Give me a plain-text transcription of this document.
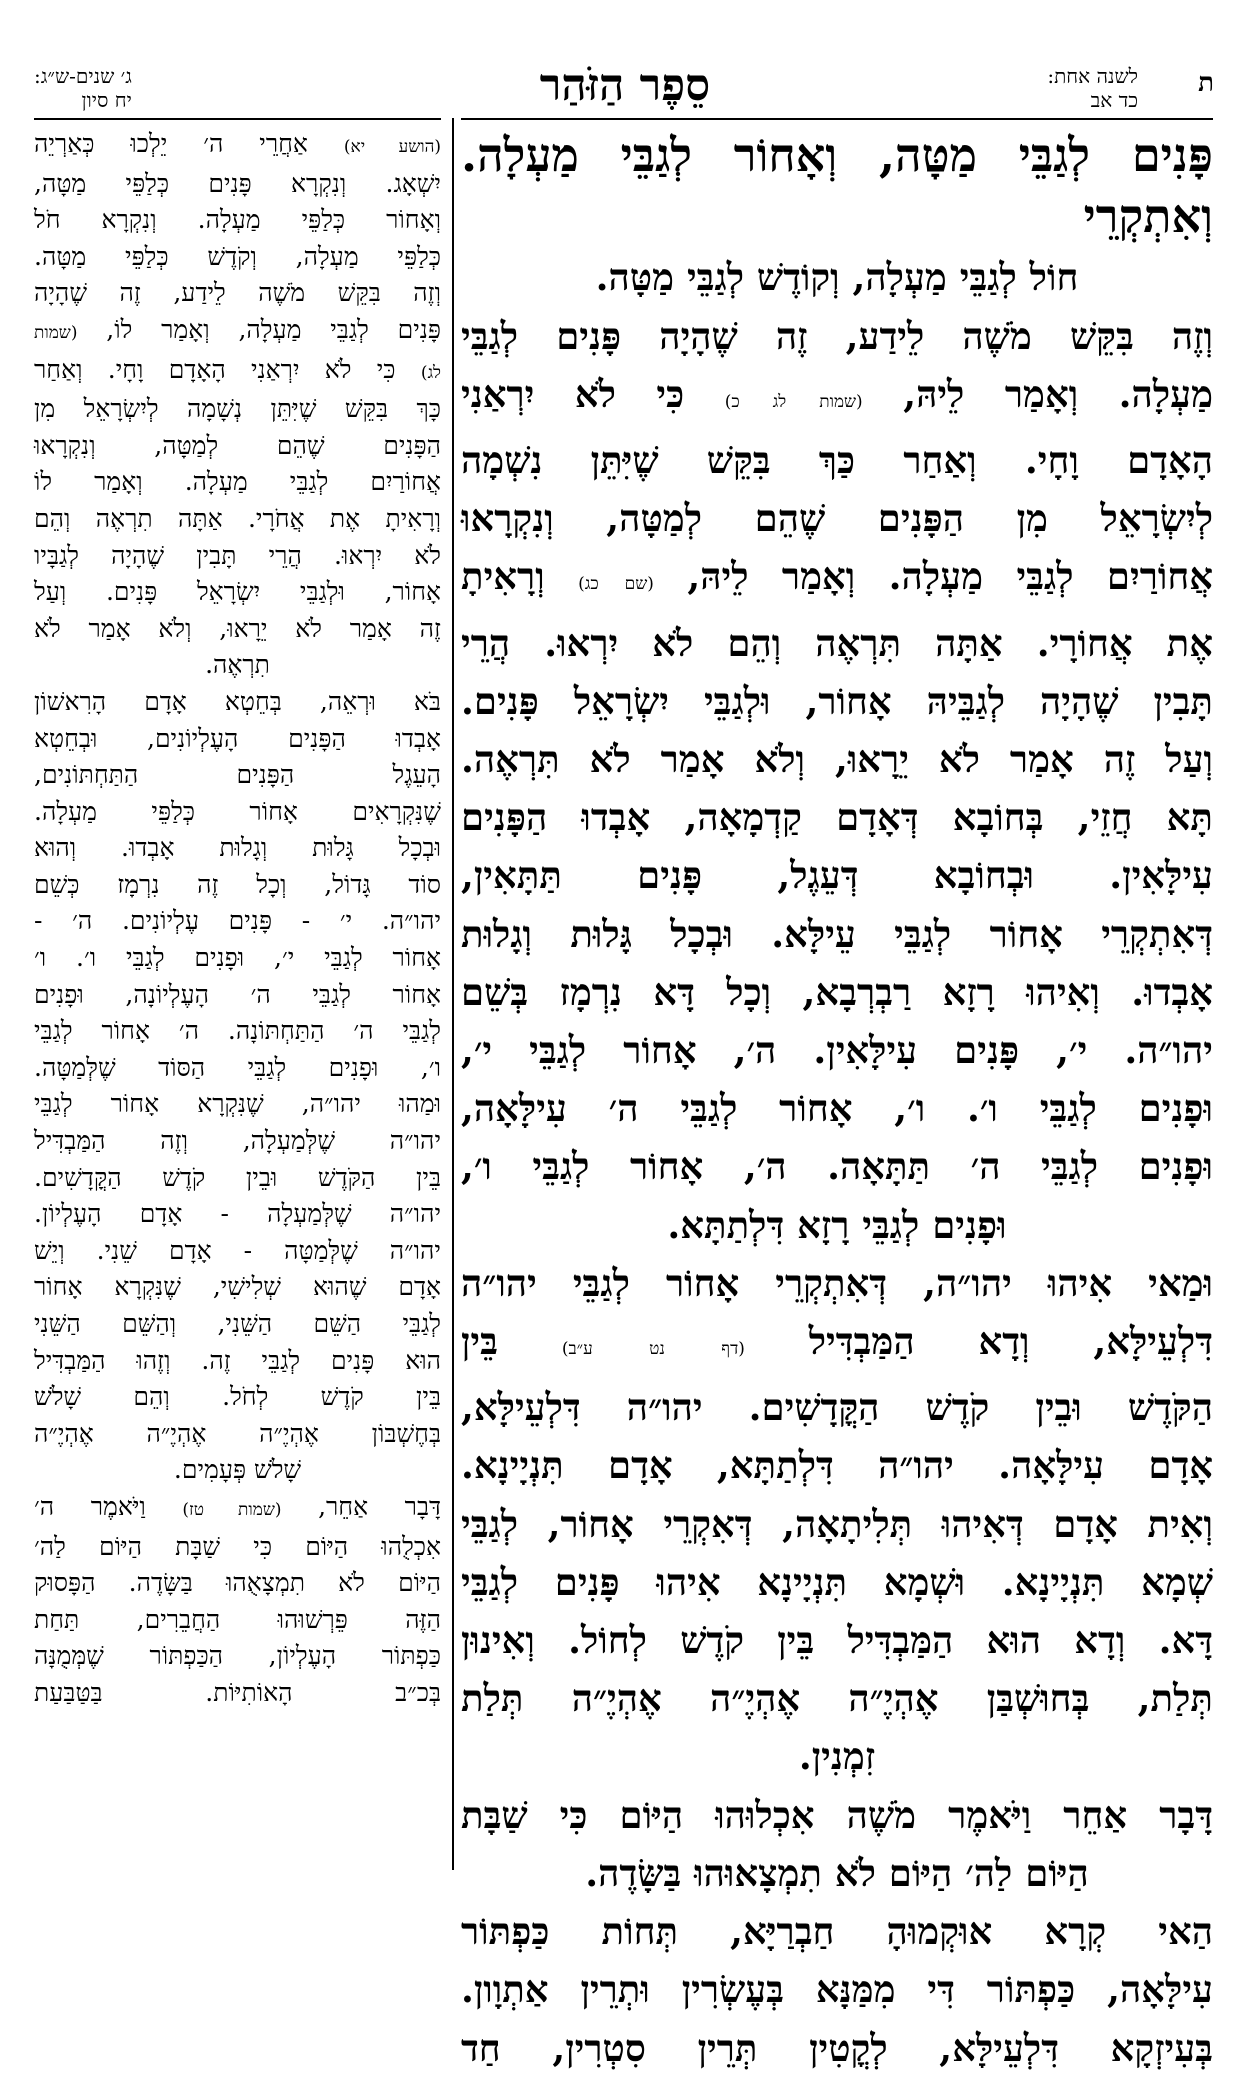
ת
לשנה אחת:
כד אב
סֵפֶר הַזֹּהַר
ג׳ שנים-ש״ג:
יח סיון

פָּנִים לְגַבֵּי מַטָּה, וְאָחוֹר לְגַבֵּי מַעְלָה. וְאִתְקְרֵי

חוֹל לְגַבֵּי מַעְלָה, וְקוֹדֶשׁ לְגַבֵּי מַטָּה.

וְזֶה בִּקֵּשׁ מֹשֶׁה לֵידַע, זֶה שֶׁהָיָה פָּנִים לְגַבֵּי

מַעְלָה. וְאָמַר לֵיהּ, (שמות לג כ) כִּי לֹא יִרְאַנִי

הָאָדָם וָחָי. וְאַחַר כַּךְ בִּקֵּשׁ שֶׁיִּתֵּן נִשְׁמָה

לְיִשְׂרָאֵל מִן הַפָּנִים שֶׁהֵם לְמַטָּה, וְנִקְרָאוּ

אֲחוֹרַיִם לְגַבֵּי מַעְלָה. וְאָמַר לֵיהּ, (שם כג) וְרָאִיתָ

אֶת אֲחוֹרָי. אַתָּה תִּרְאֶה וְהֵם לֹא יִרְאוּ. הֲרֵי

תָּבִין שֶׁהָיָה לְגַבֵּיהּ אָחוֹר, וּלְגַבֵּי יִשְׂרָאֵל פָּנִים.

וְעַל זֶה אָמַר לֹא יֵרָאוּ, וְלֹא אָמַר לֹא תִּרְאֶה.

תָּא חֲזֵי, בְּחוֹבָא דְּאָדָם קַדְמָאָה, אָבְדוּ הַפָּנִים

עִילָּאִין. וּבְחוֹבָא דְּעֵגֶל, פָּנִים תַּתָּאִין,

דְּאִתְקְרֵי אָחוֹר לְגַבֵּי עֵילָּא. וּבְכָל גָּלוּת וְגָלוּת

אָבְדוּ. וְאִיהוּ רָזָא רַבְרְבָא, וְכָל דָּא נִרְמָז בְּשֵׁם

יהו״ה. י׳, פָּנִים עִילָּאִין. ה׳, אָחוֹר לְגַבֵּי י׳,

וּפָנִים לְגַבֵּי ו׳. ו׳, אָחוֹר לְגַבֵּי ה׳ עִילָּאָה,

וּפָנִים לְגַבֵּי ה׳ תַּתָּאָה. ה׳, אָחוֹר לְגַבֵּי ו׳,

וּפָנִים לְגַבֵּי רָזָא דִּלְתַתָּא.

וּמַאי אִיהוּ יהו״ה, דְּאִתְקְרֵי אָחוֹר לְגַבֵּי יהו״ה

דִּלְעֵילָּא, וְדָא הַמַּבְדִּיל (דף נט ע״ב) בֵּין

הַקֹּדֶשׁ וּבֵין קֹדֶשׁ הַקֳּדָשִׁים. יהו״ה דִּלְעֵילָּא,

אָדָם עִילָּאָה. יהו״ה דִּלְתַתָּא, אָדָם תִּנְיָינָא.

וְאִית אָדָם דְּאִיהוּ תְּלִיתָאָה, דְּאִקְרֵי אָחוֹר, לְגַבֵּי

שְׁמָא תִּנְיָינָא. וּשְׁמָא תִּנְיָינָא אִיהוּ פָּנִים לְגַבֵּי

דָּא. וְדָא הוּא הַמַּבְדִּיל בֵּין קֹדֶשׁ לְחוֹל. וְאִינוּן

תְּלַת, בְּחוּשְׁבַּן אֶהְיֶ״ה אֶהְיֶ״ה אֶהְיֶ״ה תְּלַת

זִמְנִין.

דָּבָר אַחֵר וַיֹּאמֶר מֹשֶׁה אִכְלוּהוּ הַיּוֹם כִּי שַׁבָּת

הַיּוֹם לַה׳ הַיּוֹם לֹא תִמְצָאוּהוּ בַּשָּׂדֶה.

הַאי קְרָא אוּקְמוּהָ חַבְרַיָּא, תְּחוֹת כַּפְתּוֹר

עִילָּאָה, כַּפְתּוֹר דִּי מִמַּנָּא בְּעֶשְׂרִין וּתְרֵין אַתְוָון.

בְּעִיזְקָא דִּלְעֵילָּא, לְקֳטִין תְּרֵין סִטְרִין, חַד

(הושע יא) אַחֲרֵי ה׳ יֵלְכוּ כְּאַרְיֵה

יִשְׁאָג. וְנִקְרָא פָּנִים כְּלַפֵּי מַטָּה,

וְאָחוֹר כְּלַפֵּי מַעְלָה. וְנִקְרָא חֹל

כְּלַפֵּי מַעְלָה, וְקֹדֶשׁ כְּלַפֵּי מַטָּה.

וְזֶה בִּקֵּשׁ מֹשֶׁה לֵידַע, זֶה שֶׁהָיָה

פָּנִים לְגַבֵּי מַעְלָה, וְאָמַר לוֹ, (שמות

לג) כִּי לֹא יִרְאַנִי הָאָדָם וָחָי. וְאַחַר

כָּךְ בִּקֵּשׁ שֶׁיִּתֵּן נְשָׁמָה לְיִשְׂרָאֵל מִן

הַפָּנִים שֶׁהֵם לְמַטָּה, וְנִקְרָאוּ

אֲחוֹרַיִם לְגַבֵּי מַעְלָה. וְאָמַר לוֹ

וְרָאִיתָ אֶת אֲחֹרָי. אַתָּה תִרְאֶה וְהֵם

לֹא יִרְאוּ. הֲרֵי תָּבִין שֶׁהָיָה לְגַבָּיו

אָחוֹר, וּלְגַבֵּי יִשְׂרָאֵל פָּנִים. וְעַל

זֶה אָמַר לֹא יֵרָאוּ, וְלֹא אָמַר לֹא

תִרְאֶה.

בֹּא וּרְאֵה, בְּחֵטְא אָדָם הָרִאשׁוֹן

אָבְדוּ הַפָּנִים הָעֶלְיוֹנִים, וּבְחֵטְא

הָעֵגֶל הַפָּנִים הַתַּחְתּוֹנִים,

שֶׁנִּקְרָאִים אָחוֹר כְּלַפֵּי מַעְלָה.

וּבְכָל גָּלוּת וְגָלוּת אָבְדוּ. וְהוּא

סוֹד גָּדוֹל, וְכָל זֶה נִרְמָז כְּשֵׁם

יהו״ה. י׳ - פָּנִים עֶלְיוֹנִים. ה׳ -

אָחוֹר לְגַבֵּי י׳, וּפָנִים לְגַבֵּי ו׳. ו׳

אָחוֹר לְגַבֵּי ה׳ הָעֶלְיוֹנָה, וּפָנִים

לְגַבֵּי ה׳ הַתַּחְתּוֹנָה. ה׳ אָחוֹר לְגַבֵּי

ו׳, וּפָנִים לְגַבֵּי הַסּוֹד שֶׁלְּמַטָּה.

וּמַהוּ יהו״ה, שֶׁנִּקְרָא אָחוֹר לְגַבֵּי

יהו״ה שֶׁלְּמַעְלָה, וְזֶה הַמַּבְדִּיל

בֵּין הַקֹּדֶשׁ וּבֵין קֹדֶשׁ הַקֳּדָשִׁים.

יהו״ה שֶׁלְּמַעְלָה - אָדָם הָעֶלְיוֹן.

יהו״ה שֶׁלְּמַטָּה - אָדָם שֵׁנִי. וְיֵשׁ

אָדָם שֶׁהוּא שְׁלִישִׁי, שֶׁנִּקְרָא אָחוֹר

לְגַבֵּי הַשֵּׁם הַשֵּׁנִי, וְהַשֵּׁם הַשֵּׁנִי

הוּא פָּנִים לְגַבֵּי זֶה. וְזֶהוּ הַמַּבְדִּיל

בֵּין קֹדֶשׁ לְחֹל. וְהֵם שָׁלֹשׁ

בְּחֶשְׁבּוֹן אֶהְיֶ״ה אֶהְיֶ״ה אֶהְיֶ״ה

שָׁלֹשׁ פְּעָמִים.

דָּבָר אַחֵר, (שמות טז) וַיֹּאמֶר ה׳

אִכְלֻהוּ הַיּוֹם כִּי שַׁבָּת הַיּוֹם לַה׳

הַיּוֹם לֹא תִמְצָאֻהוּ בַּשָּׂדֶה. הַפָּסוּק

הַזֶּה פֵּרְשׁוּהוּ הַחֲבֵרִים, תַּחַת

כַּפְתּוֹר הָעֶלְיוֹן, הַכַּפְתּוֹר שֶׁמְּמֻנָּה

בְּכ״ב הָאוֹתִיּוֹת. בַּטַּבַּעַת
